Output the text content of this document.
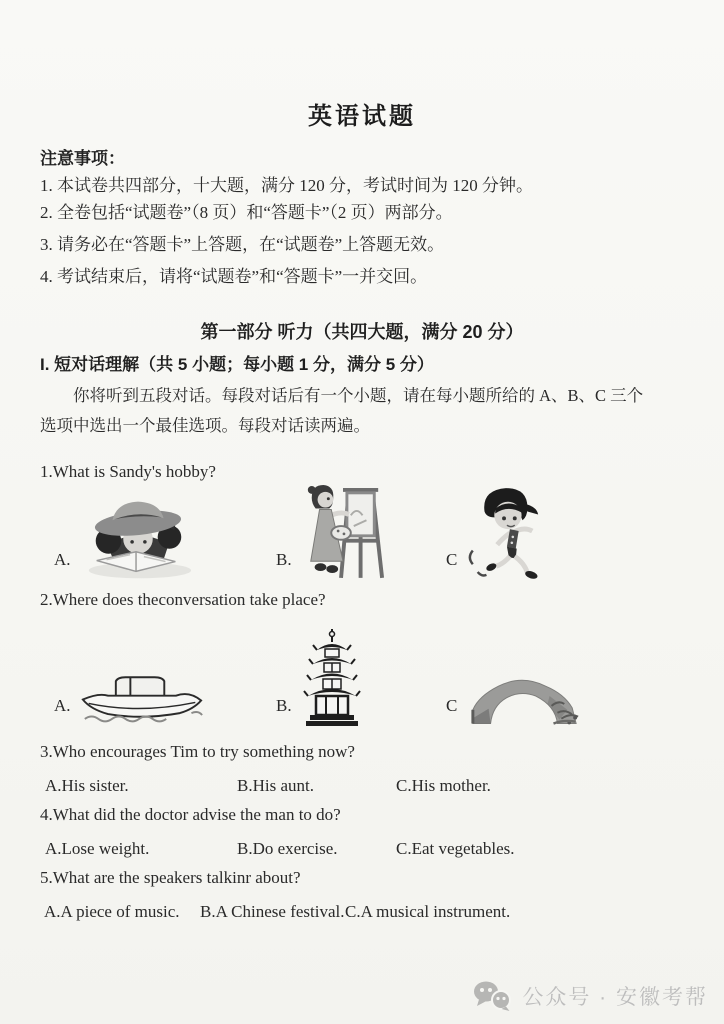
英语试题
注意事项：
1. 本试卷共四部分，十大题，满分 120 分，考试时间为 120 分钟。
2. 全卷包括“试题卷”（8 页）和“答题卡”（2 页）两部分。
3. 请务必在“答题卡”上答题，在“试题卷”上答题无效。
4. 考试结束后，请将“试题卷”和“答题卡”一并交回。
第一部分 听力（共四大题，满分 20 分）
I. 短对话理解（共 5 小题；每小题 1 分，满分 5 分）

你将听到五段对话。每段对话后有一个小题，请在每小题所给的 A、B、C 三个

选项中选出一个最佳选项。每段对话读两遍。

1.What is Sandy's hobby?
A.	B.	C
2.Where does theconversation take place?
A.	B.	C
3.Who encourages Tim to try something now?
A.His sister.	B.His aunt.	C.His mother.
4.What did the doctor advise the man to do?
A.Lose weight.	B.Do exercise.	C.Eat vegetables.
5.What are the speakers talkinr about?
A.A piece of music. B.A Chinese festival. C.A musical instrument.
公众号 · 安徽考帮
